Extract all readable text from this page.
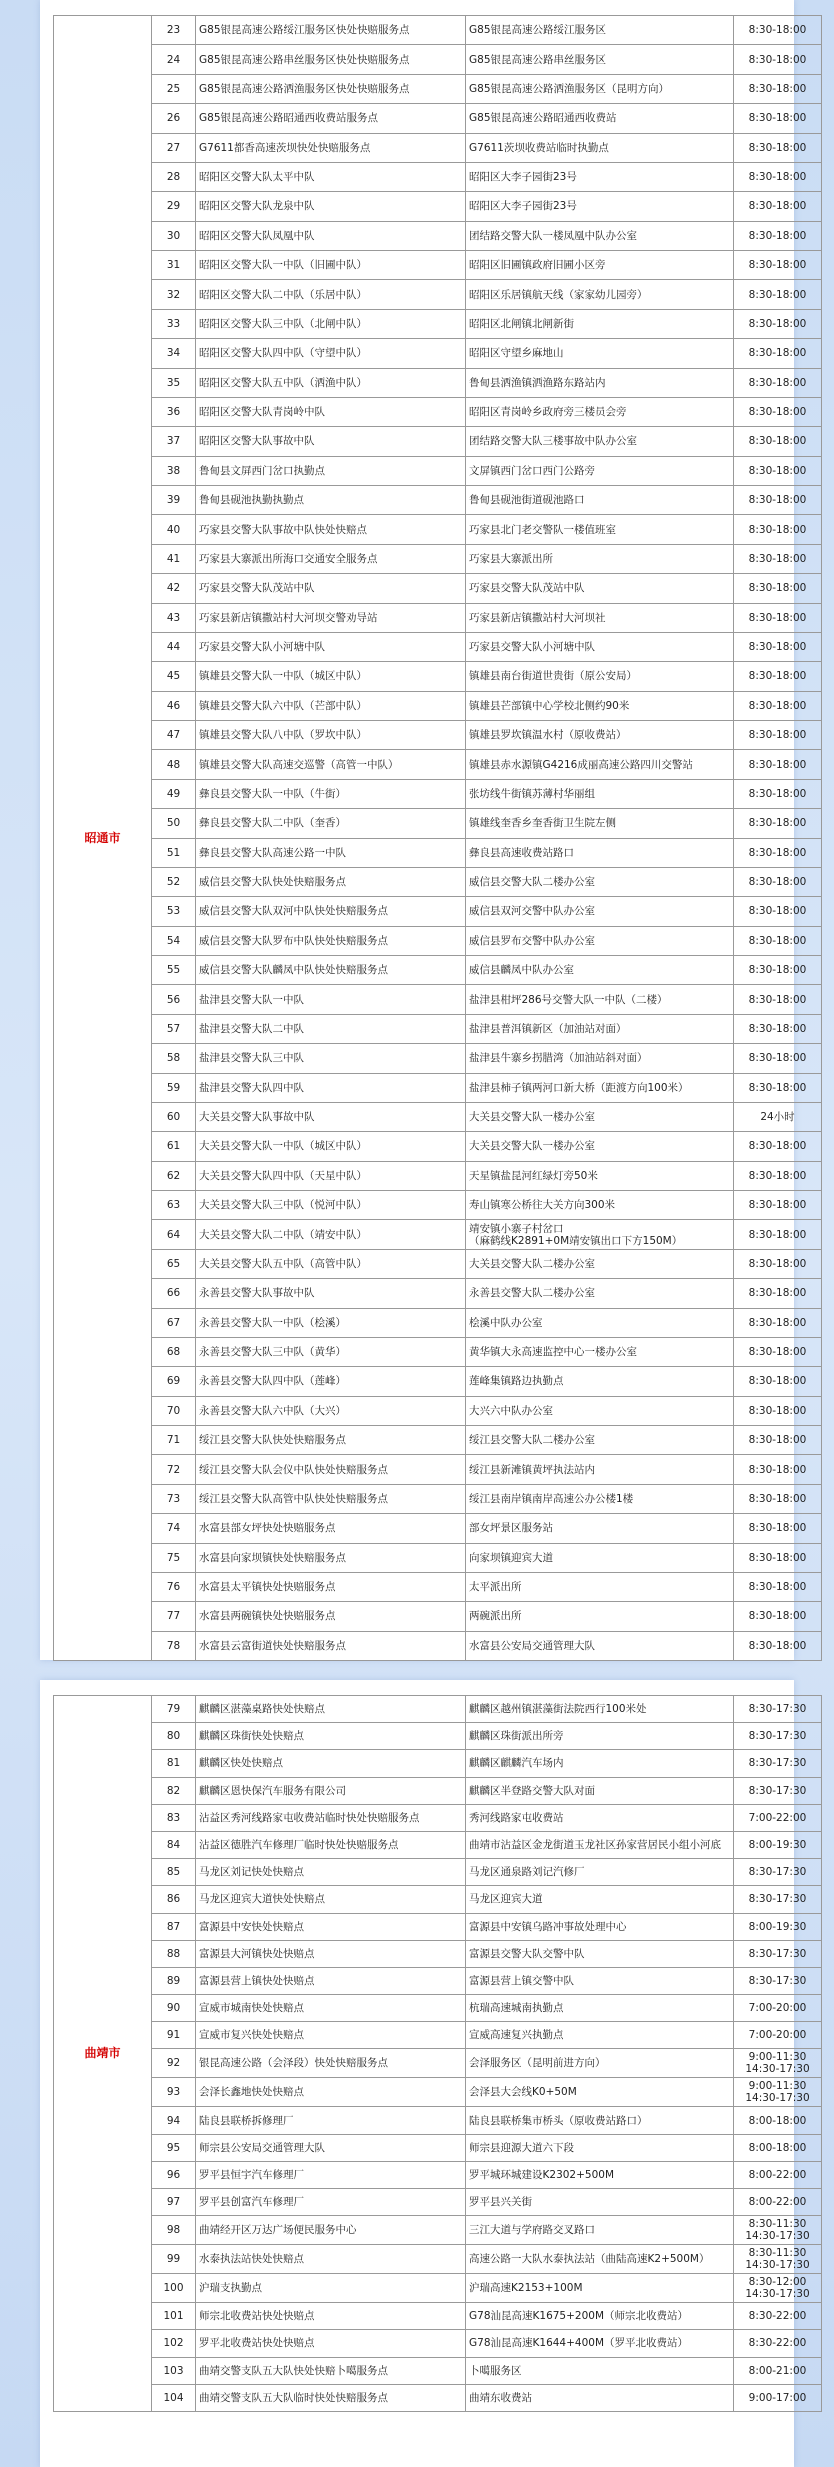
昭通市	23	G85银昆高速公路绥江服务区快处快赔服务点	G85银昆高速公路绥江服务区	8:30-18:00
	24	G85银昆高速公路串丝服务区快处快赔服务点	G85银昆高速公路串丝服务区	8:30-18:00
	25	G85银昆高速公路洒渔服务区快处快赔服务点	G85银昆高速公路洒渔服务区（昆明方向）	8:30-18:00
	26	G85银昆高速公路昭通西收费站服务点	G85银昆高速公路昭通西收费站	8:30-18:00
	27	G7611都香高速茨坝快处快赔服务点	G7611茨坝收费站临时执勤点	8:30-18:00
	28	昭阳区交警大队太平中队	昭阳区大李子园街23号	8:30-18:00
	29	昭阳区交警大队龙泉中队	昭阳区大李子园街23号	8:30-18:00
	30	昭阳区交警大队凤凰中队	团结路交警大队一楼凤凰中队办公室	8:30-18:00
	31	昭阳区交警大队一中队（旧圃中队）	昭阳区旧圃镇政府旧圃小区旁	8:30-18:00
	32	昭阳区交警大队二中队（乐居中队）	昭阳区乐居镇航天线（家家幼儿园旁）	8:30-18:00
	33	昭阳区交警大队三中队（北闸中队）	昭阳区北闸镇北闸新街	8:30-18:00
	34	昭阳区交警大队四中队（守望中队）	昭阳区守望乡麻地山	8:30-18:00
	35	昭阳区交警大队五中队（洒渔中队）	鲁甸县洒渔镇洒渔路东路站内	8:30-18:00
	36	昭阳区交警大队青岗岭中队	昭阳区青岗岭乡政府旁三楼员会旁	8:30-18:00
	37	昭阳区交警大队事故中队	团结路交警大队三楼事故中队办公室	8:30-18:00
	38	鲁甸县文屏西门岔口执勤点	文屏镇西门岔口西门公路旁	8:30-18:00
	39	鲁甸县砚池执勤执勤点	鲁甸县砚池街道砚池路口	8:30-18:00
	40	巧家县交警大队事故中队快处快赔点	巧家县北门老交警队一楼值班室	8:30-18:00
	41	巧家县大寨派出所海口交通安全服务点	巧家县大寨派出所	8:30-18:00
	42	巧家县交警大队茂站中队	巧家县交警大队茂站中队	8:30-18:00
	43	巧家县新店镇撒站村大河坝交警劝导站	巧家县新店镇撒站村大河坝社	8:30-18:00
	44	巧家县交警大队小河塘中队	巧家县交警大队小河塘中队	8:30-18:00
	45	镇雄县交警大队一中队（城区中队）	镇雄县南台街道世贵街（原公安局）	8:30-18:00
	46	镇雄县交警大队六中队（芒部中队）	镇雄县芒部镇中心学校北侧约90米	8:30-18:00
	47	镇雄县交警大队八中队（罗坎中队）	镇雄县罗坎镇温水村（原收费站）	8:30-18:00
	48	镇雄县交警大队高速交巡警（高管一中队）	镇雄县赤水源镇G4216成丽高速公路四川交警站	8:30-18:00
	49	彝良县交警大队一中队（牛街）	张坊线牛街镇苏薄村华丽组	8:30-18:00
	50	彝良县交警大队二中队（奎香）	镇雄线奎香乡奎香街卫生院左侧	8:30-18:00
	51	彝良县交警大队高速公路一中队	彝良县高速收费站路口	8:30-18:00
	52	威信县交警大队快处快赔服务点	威信县交警大队二楼办公室	8:30-18:00
	53	威信县交警大队双河中队快处快赔服务点	威信县双河交警中队办公室	8:30-18:00
	54	威信县交警大队罗布中队快处快赔服务点	威信县罗布交警中队办公室	8:30-18:00
	55	威信县交警大队麟凤中队快处快赔服务点	威信县麟凤中队办公室	8:30-18:00
	56	盐津县交警大队一中队	盐津县柑坪286号交警大队一中队（二楼）	8:30-18:00
	57	盐津县交警大队二中队	盐津县普洱镇新区（加油站对面）	8:30-18:00
	58	盐津县交警大队三中队	盐津县牛寨乡拐腊湾（加油站斜对面）	8:30-18:00
	59	盐津县交警大队四中队	盐津县柿子镇两河口新大桥（距渡方向100米）	8:30-18:00
	60	大关县交警大队事故中队	大关县交警大队一楼办公室	24小时
	61	大关县交警大队一中队（城区中队）	大关县交警大队一楼办公室	8:30-18:00
	62	大关县交警大队四中队（天星中队）	天星镇盐昆河红绿灯旁50米	8:30-18:00
	63	大关县交警大队三中队（悦河中队）	寿山镇寒公桥往大关方向300米	8:30-18:00
	64	大关县交警大队二中队（靖安中队）	靖安镇小寨子村岔口
（麻鹤线K2891+0M靖安镇出口下方150M）	8:30-18:00
	65	大关县交警大队五中队（高管中队）	大关县交警大队二楼办公室	8:30-18:00
	66	永善县交警大队事故中队	永善县交警大队二楼办公室	8:30-18:00
	67	永善县交警大队一中队（桧溪）	桧溪中队办公室	8:30-18:00
	68	永善县交警大队三中队（黄华）	黄华镇大永高速监控中心一楼办公室	8:30-18:00
	69	永善县交警大队四中队（莲峰）	莲峰集镇路边执勤点	8:30-18:00
	70	永善县交警大队六中队（大兴）	大兴六中队办公室	8:30-18:00
	71	绥江县交警大队快处快赔服务点	绥江县交警大队二楼办公室	8:30-18:00
	72	绥江县交警大队会仪中队快处快赔服务点	绥江县新滩镇黄坪执法站内	8:30-18:00
	73	绥江县交警大队高管中队快处快赔服务点	绥江县南岸镇南岸高速公办公楼1楼	8:30-18:00
	74	水富县部女坪快处快赔服务点	部女坪景区服务站	8:30-18:00
	75	水富县向家坝镇快处快赔服务点	向家坝镇迎宾大道	8:30-18:00
	76	水富县太平镇快处快赔服务点	太平派出所	8:30-18:00
	77	水富县两碗镇快处快赔服务点	两碗派出所	8:30-18:00
	78	水富县云富街道快处快赔服务点	水富县公安局交通管理大队	8:30-18:00
曲靖市	79	麒麟区湛藻桌路快处快赔点	麒麟区越州镇湛藻街法院西行100米处	8:30-17:30
	80	麒麟区珠街快处快赔点	麒麟区珠街派出所旁	8:30-17:30
	81	麒麟区快处快赔点	麒麟区麒麟汽车场内	8:30-17:30
	82	麒麟区恩快保汽车服务有限公司	麒麟区半登路交警大队对面	8:30-17:30
	83	沾益区秀河线路家屯收费站临时快处快赔服务点	秀河线路家屯收费站	7:00-22:00
	84	沾益区德胜汽车修理厂临时快处快赔服务点	曲靖市沾益区金龙街道玉龙社区孙家营居民小组小河底	8:00-19:30
	85	马龙区刘记快处快赔点	马龙区通泉路刘记汽修厂	8:30-17:30
	86	马龙区迎宾大道快处快赔点	马龙区迎宾大道	8:30-17:30
	87	富源县中安快处快赔点	富源县中安镇乌路冲事故处理中心	8:00-19:30
	88	富源县大河镇快处快赔点	富源县交警大队交警中队	8:30-17:30
	89	富源县营上镇快处快赔点	富源县营上镇交警中队	8:30-17:30
	90	宣威市城南快处快赔点	杭瑞高速城南执勤点	7:00-20:00
	91	宣威市复兴快处快赔点	宣威高速复兴执勤点	7:00-20:00
	92	银昆高速公路（会泽段）快处快赔服务点	会泽服务区（昆明前进方向）	9:00-11:30
14:30-17:30
	93	会泽长鑫地快处快赔点	会泽县大会线K0+50M	9:00-11:30
14:30-17:30
	94	陆良县联桥拆修理厂	陆良县联桥集市桥头（原收费站路口）	8:00-18:00
	95	师宗县公安局交通管理大队	师宗县迎源大道六下段	8:00-18:00
	96	罗平县恒宇汽车修理厂	罗平城环城建设K2302+500M	8:00-22:00
	97	罗平县创富汽车修理厂	罗平县兴关街	8:00-22:00
	98	曲靖经开区万达广场便民服务中心	三江大道与学府路交叉路口	8:30-11:30
14:30-17:30
	99	水泰执法站快处快赔点	高速公路一大队水泰执法站（曲陆高速K2+500M）	8:30-11:30
14:30-17:30
	100	沪瑞支执勤点	沪瑞高速K2153+100M	8:30-12:00
14:30-17:30
	101	师宗北收费站快处快赔点	G78汕昆高速K1675+200M（师宗北收费站）	8:30-22:00
	102	罗平北收费站快处快赔点	G78汕昆高速K1644+400M（罗平北收费站）	8:30-22:00
	103	曲靖交警支队五大队快处快赔卜噶服务点	卜噶服务区	8:00-21:00
	104	曲靖交警支队五大队临时快处快赔服务点	曲靖东收费站	9:00-17:00
